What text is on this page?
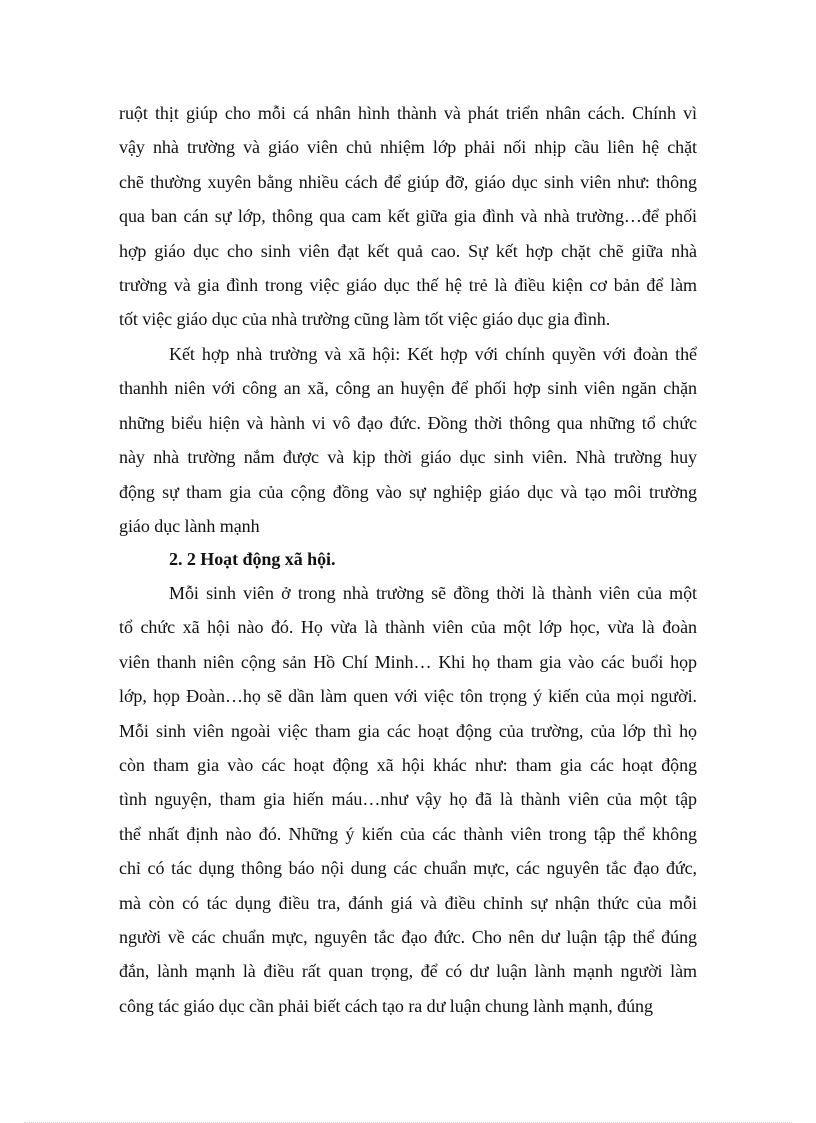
ruột thịt giúp cho mỗi cá nhân hình thành và phát triển nhân cách. Chính vì
vậy nhà trường và giáo viên chủ nhiệm lớp phải nối nhịp cầu liên hệ chặt
chẽ thường xuyên bằng nhiều cách để giúp đỡ, giáo dục sinh viên như: thông
qua ban cán sự lớp, thông qua cam kết giữa gia đình và nhà trường…để phối
hợp giáo dục cho sinh viên đạt kết quả cao. Sự kết hợp chặt chẽ giữa nhà
trường và gia đình trong việc giáo dục thế hệ trẻ là điều kiện cơ bản để làm
tốt việc giáo dục của nhà trường cũng làm tốt việc giáo dục gia đình.
Kết hợp nhà trường và xã hội: Kết hợp với chính quyền với đoàn thể
thanhh niên với công an xã, công an huyện để phối hợp sinh viên ngăn chặn
những biểu hiện và hành vi vô đạo đức. Đồng thời thông qua những tổ chức
này nhà trường nắm được và kịp thời giáo dục sinh viên. Nhà trường huy
động sự tham gia của cộng đồng vào sự nghiệp giáo dục và tạo môi trường
giáo dục lành mạnh
2. 2 Hoạt động xã hội.
Mỗi sinh viên ở trong nhà trường sẽ đồng thời là thành viên của một
tổ chức xã hội nào đó. Họ vừa là thành viên của một lớp học, vừa là đoàn
viên thanh niên cộng sản Hồ Chí Minh… Khi họ tham gia vào các buổi họp
lớp, họp Đoàn…họ sẽ dần làm quen với việc tôn trọng ý kiến của mọi người.
Mỗi sinh viên ngoài việc tham gia các hoạt động của trường, của lớp thì họ
còn tham gia vào các hoạt động xã hội khác như: tham gia các hoạt động
tình nguyện, tham gia hiến máu…như vậy họ đã là thành viên của một tập
thể nhất định nào đó. Những ý kiến của các thành viên trong tập thể không
chỉ có tác dụng thông báo nội dung các chuẩn mực, các nguyên tắc đạo đức,
mà còn có tác dụng điều tra, đánh giá và điều chỉnh sự nhận thức của mỗi
người về các chuẩn mực, nguyên tắc đạo đức. Cho nên dư luận tập thể đúng
đắn, lành mạnh là điều rất quan trọng, để có dư luận lành mạnh người làm
công tác giáo dục cần phải biết cách tạo ra dư luận chung lành mạnh, đúng
